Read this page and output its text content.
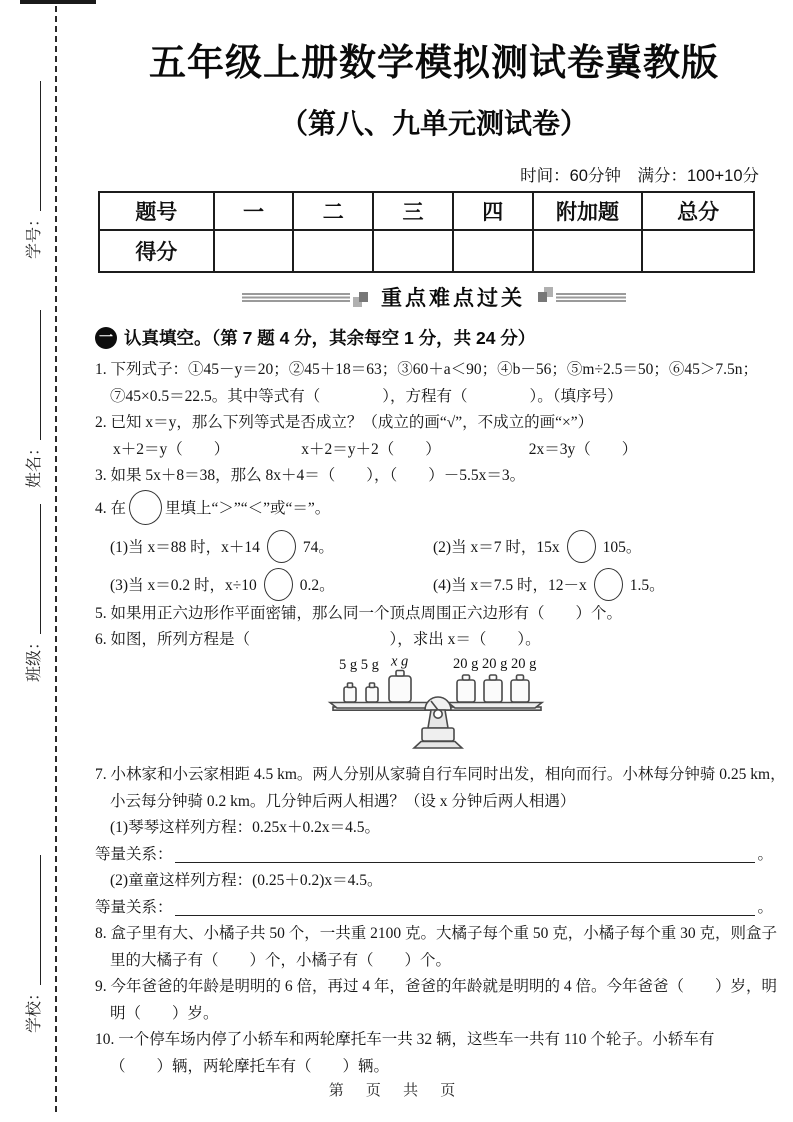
学号：
姓名：
班级：
学校：
五年级上册数学模拟测试卷冀教版
（第八、九单元测试卷）
时间：60分钟　满分：100+10分
题号	一	二	三	四	附加题	总分
得分						
重点难点过关
一 认真填空。（第 7 题 4 分，其余每空 1 分，共 24 分）
1. 下列式子：①45－y＝20；②45＋18＝63；③60＋a＜90；④b－56；⑤m÷2.5＝50；⑥45＞7.5n；
⑦45×0.5＝22.5。其中等式有（　　　　），方程有（　　　　）。（填序号）
2. 已知 x＝y，那么下列等式是否成立？（成立的画“√”，不成立的画“×”）
x＋2＝y（　　）	x＋2＝y＋2（　　）	2x＝3y（　　）
3. 如果 5x＋8＝38，那么 8x＋4＝（　　），（　　）－5.5x＝3。
4. 在	里填上“＞”“＜”或“＝”。
(1)当 x＝88 时，x＋14	74。	(2)当 x＝7 时，15x	105。
(3)当 x＝0.2 时，x÷10	0.2。	(4)当 x＝7.5 时，12－x	1.5。
5. 如果用正六边形作平面密铺，那么同一个顶点周围正六边形有（　　）个。
6. 如图，所列方程是（　　　　　　　　　），求出 x＝（　　）。
5 g 5 g x g	20 g 20 g 20 g
7. 小林家和小云家相距 4.5 km。两人分别从家骑自行车同时出发，相向而行。小林每分钟骑 0.25 km，
小云每分钟骑 0.2 km。几分钟后两人相遇？（设 x 分钟后两人相遇）
(1)琴琴这样列方程：0.25x＋0.2x＝4.5。
等量关系：	。
(2)童童这样列方程：(0.25＋0.2)x＝4.5。
等量关系：	。
8. 盒子里有大、小橘子共 50 个，一共重 2100 克。大橘子每个重 50 克，小橘子每个重 30 克，则盒子
里的大橘子有（　　）个，小橘子有（　　）个。
9. 今年爸爸的年龄是明明的 6 倍，再过 4 年，爸爸的年龄就是明明的 4 倍。今年爸爸（　　）岁，明
明（　　）岁。
10. 一个停车场内停了小轿车和两轮摩托车一共 32 辆，这些车一共有 110 个轮子。小轿车有
（　　）辆，两轮摩托车有（　　）辆。
第 页 共 页
